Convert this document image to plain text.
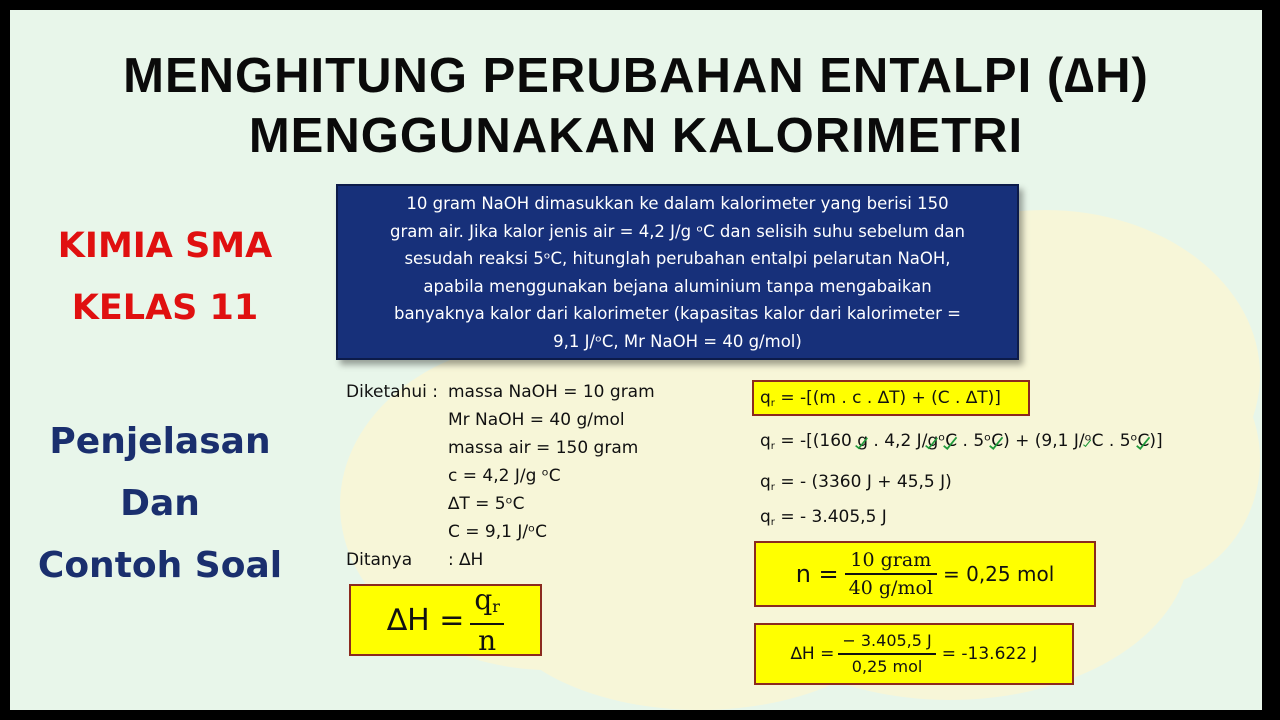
MENGHITUNG PERUBAHAN ENTALPI (∆H)
MENGGUNAKAN KALORIMETRI
KIMIA SMA
KELAS 11
Penjelasan
Dan
Contoh Soal
10 gram NaOH dimasukkan ke dalam kalorimeter yang berisi 150
gram air. Jika kalor jenis air = 4,2 J/g ᵒC dan selisih suhu sebelum dan
sesudah reaksi 5ᵒC, hitunglah perubahan entalpi pelarutan NaOH,
apabila menggunakan bejana aluminium tanpa mengabaikan
banyaknya kalor dari kalorimeter (kapasitas kalor dari kalorimeter =
9,1 J/ᵒC, Mr NaOH = 40 g/mol)
Diketahui : massa NaOH = 10 gram
Mr NaOH = 40 g/mol
massa air = 150 gram
c = 4,2 J/g ᵒC
∆T = 5ᵒC
C = 9,1 J/ᵒC
Ditanya : ∆H
$\Delta H = \frac{q_r}{n}$
$q_r = -[(m$ . c . ∆T) + (C . ∆T)]
$q_r = -[(160$ g
. 4,2 J/g
ᵒC
. 5ᵒC
) + (9,1 J/ᵒ
C . 5ᵒC
)]
$q_r$ = - (3360 J + 45,5 J)
$q_r$ = - 3.405,5 J
$n = \frac{\text{10 gram}}{\text{40 g/mol}} = 0,25$ mol
$\Delta H = \frac{- 3.405,5 J}{\text{0,25 mol}} = -13.622$ J
